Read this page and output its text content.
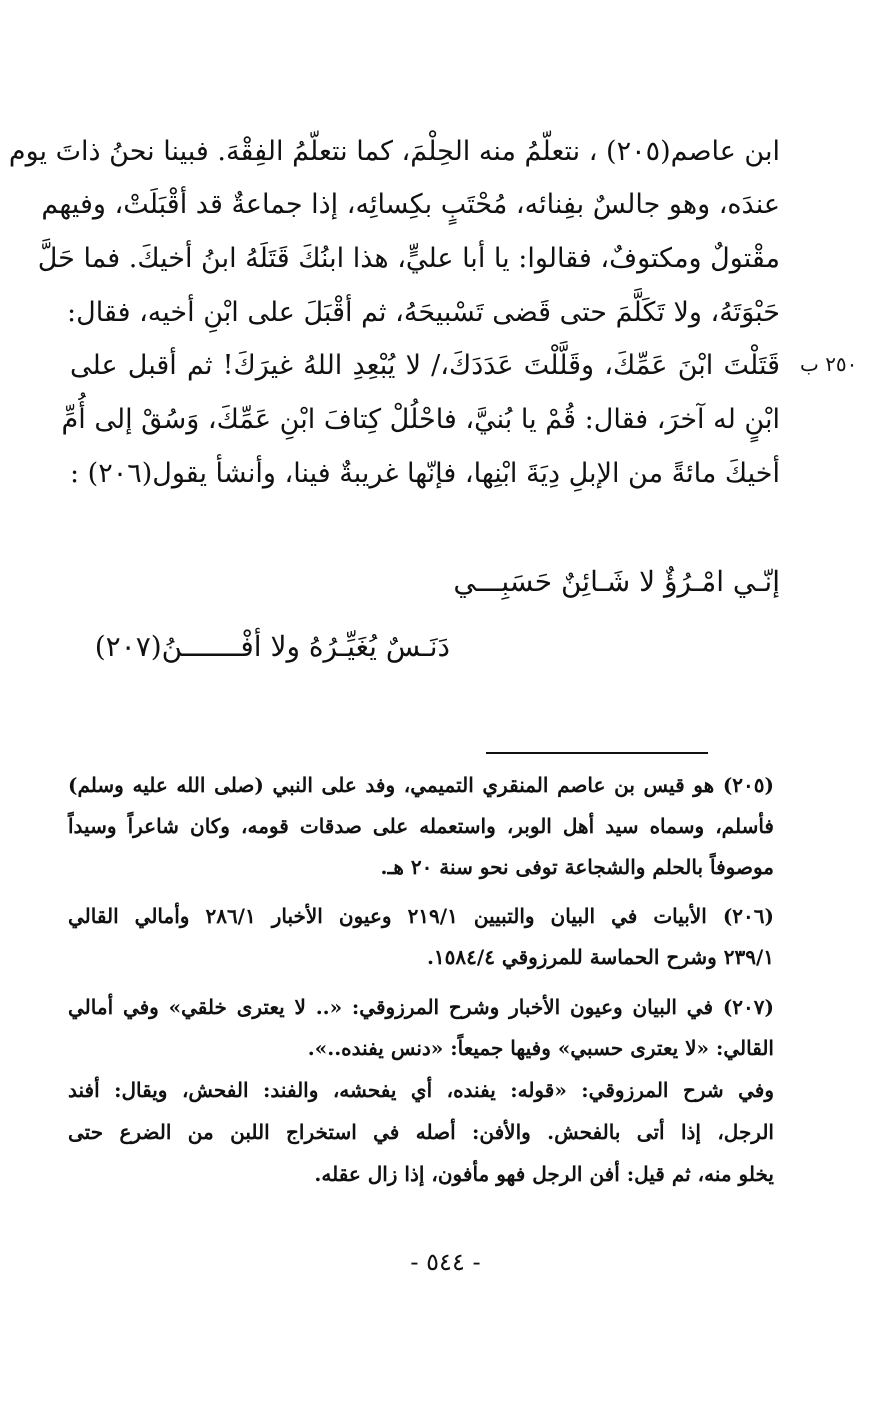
ابن عاصم(٢٠٥) ، نتعلّمُ منه الحِلْمَ، كما نتعلّمُ الفِقْهَ. فبينا نحنُ ذاتَ يوم
عندَه، وهو جالسٌ بفِنائه، مُحْتَبٍ بكِسائِه، إذا جماعةٌ قد أقْبَلَتْ، وفيهم
مقْتولٌ ومكتوفٌ، فقالوا: يا أبا عليٍّ، هذا ابنُكَ قَتَلَهُ ابنُ أخيكَ. فما حَلَّ
حَبْوَتَهُ، ولا تَكَلَّمَ حتى قَضى تَسْبيحَهُ، ثم أقْبَلَ على ابْنِ أخيه، فقال:
قَتَلْتَ ابْنَ عَمِّكَ، وقَلَّلْتَ عَدَدَكَ،/ لا يُبْعِدِ اللهُ غيرَكَ! ثم أقبل على
ابْنٍ له آخرَ، فقال: قُمْ يا بُنيَّ، فاحْلُلْ كِتافَ ابْنِ عَمِّكَ، وَسُقْ إلى أُمِّ
أخيكَ مائةً من الإبلِ دِيَةَ ابْنِها، فإنّها غريبةٌ فينا، وأنشأ يقول(٢٠٦) :
٢٥٠ ب
إنّـي امْـرُؤٌ لا شَـائِنٌ حَسَبِـــي
دَنَـسٌ يُغَيِّـرُهُ ولا أفْـــــــنُ(٢٠٧)
(٢٠٥) هو قيس بن عاصم المنقري التميمي، وفد على النبي (صلى الله عليه وسلم)
فأسلم، وسماه سيد أهل الوبر، واستعمله على صدقات قومه، وكان شاعراً وسيداً
موصوفاً بالحلم والشجاعة توفى نحو سنة ٢٠ هـ.
(٢٠٦) الأبيات في البيان والتبيين ٢١٩/١ وعيون الأخبار ٢٨٦/١ وأمالي القالي
٢٣٩/١ وشرح الحماسة للمرزوقي ١٥٨٤/٤.
(٢٠٧) في البيان وعيون الأخبار وشرح المرزوقي: «.. لا يعترى خلقي» وفي أمالي
القالي: «لا يعترى حسبي» وفيها جميعاً: «دنس يفنده..».
وفي شرح المرزوقي: «قوله: يفنده، أي يفحشه، والفند: الفحش، ويقال: أفند
الرجل، إذا أتى بالفحش. والأفن: أصله في استخراج اللبن من الضرع حتى
يخلو منه، ثم قيل: أفن الرجل فهو مأفون، إذا زال عقله.
- ٥٤٤ -
